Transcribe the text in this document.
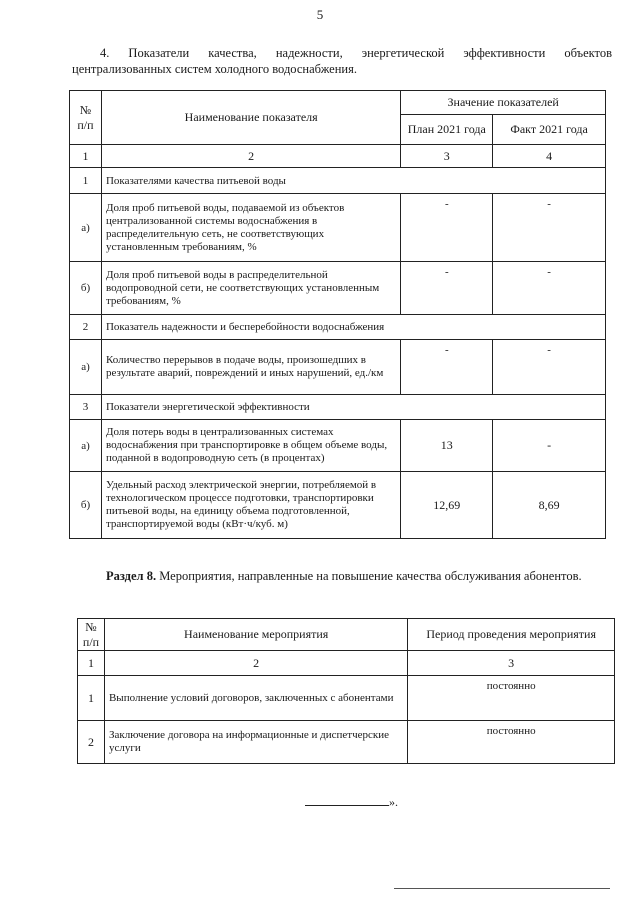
5
4. Показатели качества, надежности, энергетической эффективности объектов централизованных систем холодного водоснабжения.
№ п/п	Наименование показателя	Значение показателей	
		План 2021 года	Факт 2021 года
1	2	3	4
1	Показателями качества питьевой воды		
а)	Доля проб питьевой воды, подаваемой из объектов централизованной системы водоснабжения в распределительную сеть, не соответствующих установленным требованиям, %	-	-
б)	Доля проб питьевой воды в распределительной водопроводной сети, не соответствующих установленным требованиям, %	-	-
2	Показатель надежности и бесперебойности водоснабжения		
а)	Количество перерывов в подаче воды, произошедших в результате аварий, повреждений и иных нарушений, ед./км	-	-
3	Показатели энергетической эффективности		
а)	Доля потерь воды в централизованных системах водоснабжения при транспортировке в общем объеме воды, поданной в водопроводную сеть (в процентах)	13	-
б)	Удельный расход электрической энергии, потребляемой в технологическом процессе подготовки, транспортировки питьевой воды, на единицу объема подготовленной, транспортируемой воды (кВт·ч/куб. м)	12,69	8,69
Раздел 8. Мероприятия, направленные на повышение качества обслуживания абонентов.
№ п/п	Наименование мероприятия	Период проведения мероприятия
1	2	3
1	Выполнение условий договоров, заключенных с абонентами	постоянно
2	Заключение договора на информационные и диспетчерские услуги	постоянно
».
